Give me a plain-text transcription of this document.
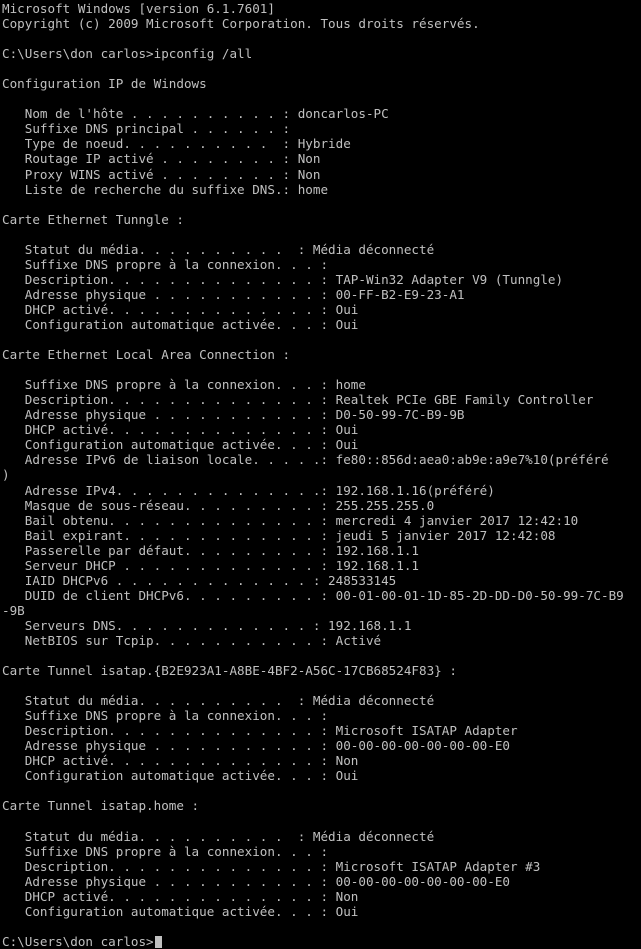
Microsoft Windows [version 6.1.7601]
Copyright (c) 2009 Microsoft Corporation. Tous droits réservés.
C:\Users\don carlos>ipconfig /all
Configuration IP de Windows
Nom de l'hôte . . . . . . . . . . : doncarlos-PC
Suffixe DNS principal . . . . . . :
Type de noeud. . . . . . . . . .  : Hybride
Routage IP activé . . . . . . . . : Non
Proxy WINS activé . . . . . . . . : Non
Liste de recherche du suffixe DNS.: home
Carte Ethernet Tunngle :
Statut du média. . . . . . . . . .  : Média déconnecté
Suffixe DNS propre à la connexion. . . :
Description. . . . . . . . . . . . . . : TAP-Win32 Adapter V9 (Tunngle)
Adresse physique . . . . . . . . . . . : 00-FF-B2-E9-23-A1
DHCP activé. . . . . . . . . . . . . . : Oui
Configuration automatique activée. . . : Oui
Carte Ethernet Local Area Connection :
Suffixe DNS propre à la connexion. . . : home
Description. . . . . . . . . . . . . . : Realtek PCIe GBE Family Controller
Adresse physique . . . . . . . . . . . : D0-50-99-7C-B9-9B
DHCP activé. . . . . . . . . . . . . . : Oui
Configuration automatique activée. . . : Oui
Adresse IPv6 de liaison locale. . . . .: fe80::856d:aea0:ab9e:a9e7%10(préféré
)
Adresse IPv4. . . . . . . . . . . . . .: 192.168.1.16(préféré)
Masque de sous-réseau. . . . . . . . . : 255.255.255.0
Bail obtenu. . . . . . . . . . . . . . : mercredi 4 janvier 2017 12:42:10
Bail expirant. . . . . . . . . . . . . : jeudi 5 janvier 2017 12:42:08
Passerelle par défaut. . . . . . . . . : 192.168.1.1
Serveur DHCP . . . . . . . . . . . . . : 192.168.1.1
IAID DHCPv6 . . . . . . . . . . . . . : 248533145
DUID de client DHCPv6. . . . . . . . . : 00-01-00-01-1D-85-2D-DD-D0-50-99-7C-B9
-9B
Serveurs DNS. . . . . . . . . . . . . : 192.168.1.1
NetBIOS sur Tcpip. . . . . . . . . . . : Activé
Carte Tunnel isatap.{B2E923A1-A8BE-4BF2-A56C-17CB68524F83} :
Statut du média. . . . . . . . . .  : Média déconnecté
Suffixe DNS propre à la connexion. . . :
Description. . . . . . . . . . . . . . : Microsoft ISATAP Adapter
Adresse physique . . . . . . . . . . . : 00-00-00-00-00-00-00-E0
DHCP activé. . . . . . . . . . . . . . : Non
Configuration automatique activée. . . : Oui
Carte Tunnel isatap.home :
Statut du média. . . . . . . . . .  : Média déconnecté
Suffixe DNS propre à la connexion. . . :
Description. . . . . . . . . . . . . . : Microsoft ISATAP Adapter #3
Adresse physique . . . . . . . . . . . : 00-00-00-00-00-00-00-E0
DHCP activé. . . . . . . . . . . . . . : Non
Configuration automatique activée. . . : Oui
C:\Users\don carlos>
